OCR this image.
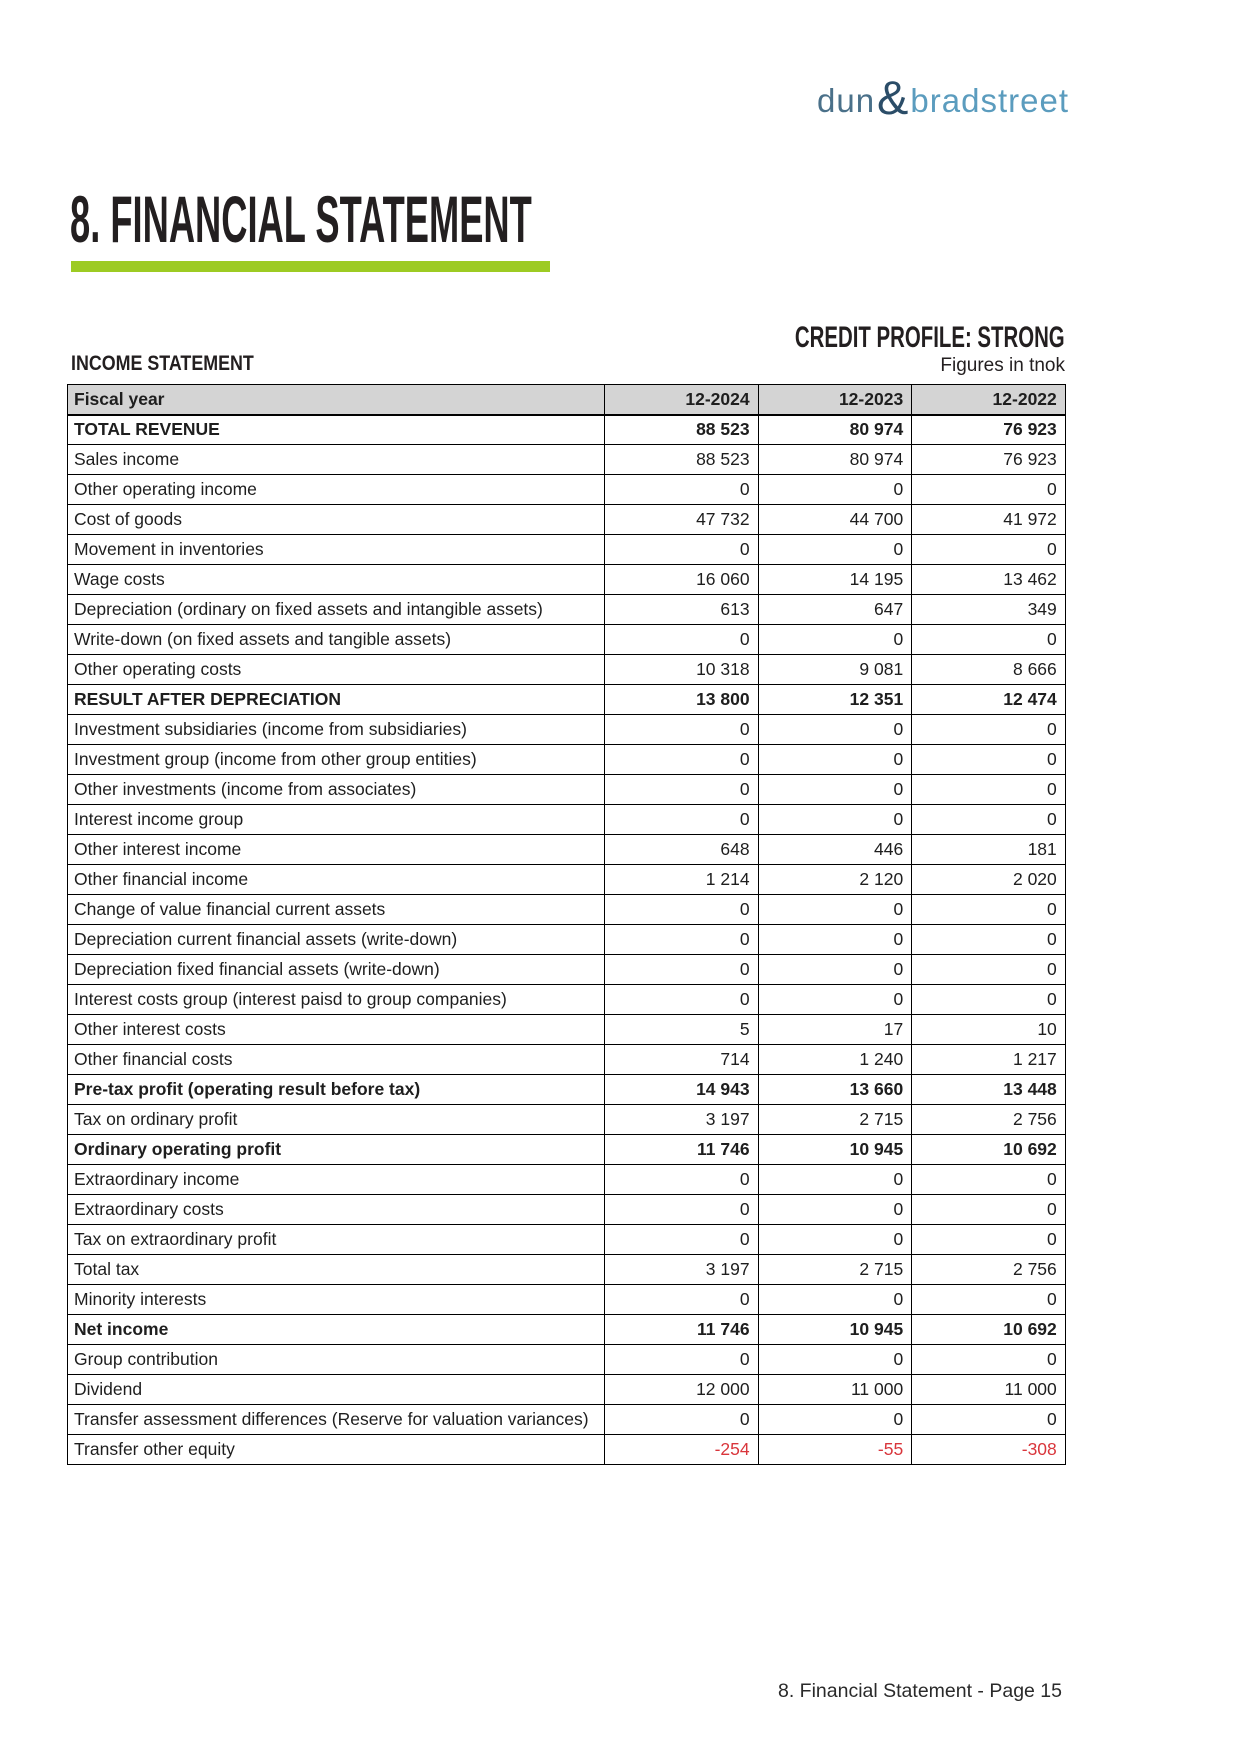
dun & bradstreet
8. FINANCIAL STATEMENT
CREDIT PROFILE: STRONG
INCOME STATEMENT	Figures in tnok
Fiscal year	12-2024	12-2023	12-2022
TOTAL REVENUE	88 523	80 974	76 923
Sales income	88 523	80 974	76 923
Other operating income	0	0	0
Cost of goods	47 732	44 700	41 972
Movement in inventories	0	0	0
Wage costs	16 060	14 195	13 462
Depreciation (ordinary on fixed assets and intangible assets)	613	647	349
Write-down (on fixed assets and tangible assets)	0	0	0
Other operating costs	10 318	9 081	8 666
RESULT AFTER DEPRECIATION	13 800	12 351	12 474
Investment subsidiaries (income from subsidiaries)	0	0	0
Investment group (income from other group entities)	0	0	0
Other investments (income from associates)	0	0	0
Interest income group	0	0	0
Other interest income	648	446	181
Other financial income	1 214	2 120	2 020
Change of value financial current assets	0	0	0
Depreciation current financial assets (write-down)	0	0	0
Depreciation fixed financial assets (write-down)	0	0	0
Interest costs group (interest paisd to group companies)	0	0	0
Other interest costs	5	17	10
Other financial costs	714	1 240	1 217
Pre-tax profit (operating result before tax)	14 943	13 660	13 448
Tax on ordinary profit	3 197	2 715	2 756
Ordinary operating profit	11 746	10 945	10 692
Extraordinary income	0	0	0
Extraordinary costs	0	0	0
Tax on extraordinary profit	0	0	0
Total tax	3 197	2 715	2 756
Minority interests	0	0	0
Net income	11 746	10 945	10 692
Group contribution	0	0	0
Dividend	12 000	11 000	11 000
Transfer assessment differences (Reserve for valuation variances)	0	0	0
Transfer other equity	-254	-55	-308
8. Financial Statement - Page 15
